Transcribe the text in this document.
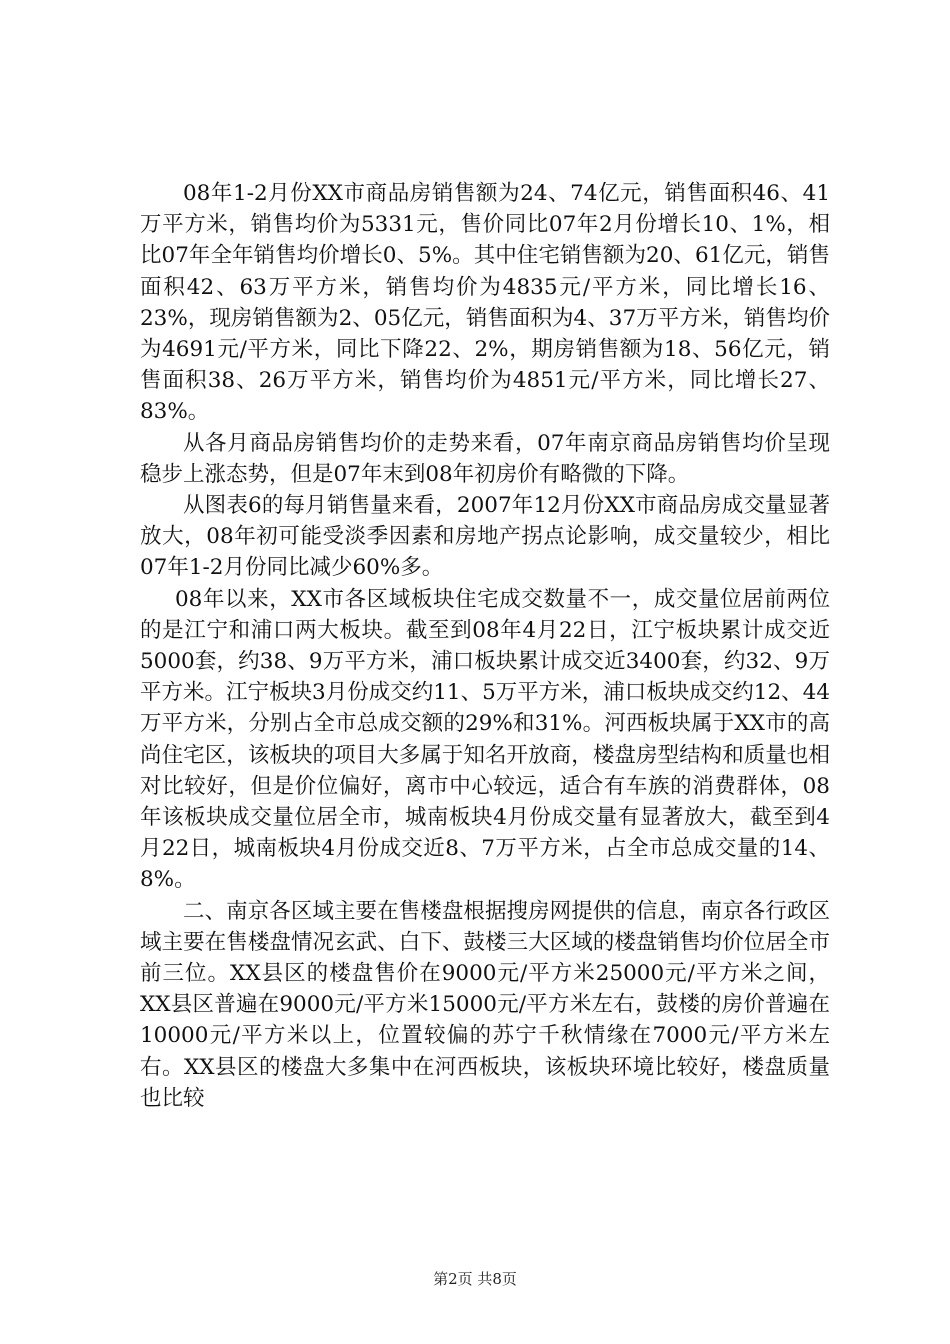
08年1-2月份XX市商品房销售额为24、74亿元，销售面积46、41万平方米，销售均价为5331元，售价同比07年2月份增长10、1%，相比07年全年销售均价增长0、5%。其中住宅销售额为20、61亿元，销售面积42、63万平方米，销售均价为4835元/平方米，同比增长16、23%，现房销售额为2、05亿元，销售面积为4、37万平方米，销售均价为4691元/平方米，同比下降22、2%，期房销售额为18、56亿元，销售面积38、26万平方米，销售均价为4851元/平方米，同比增长27、83%。

从各月商品房销售均价的走势来看，07年南京商品房销售均价呈现稳步上涨态势，但是07年末到08年初房价有略微的下降。

从图表6的每月销售量来看，2007年12月份XX市商品房成交量显著放大，08年初可能受淡季因素和房地产拐点论影响，成交量较少，相比07年1-2月份同比减少60%多。

08年以来，XX市各区域板块住宅成交数量不一，成交量位居前两位的是江宁和浦口两大板块。截至到08年4月22日，江宁板块累计成交近5000套，约38、9万平方米，浦口板块累计成交近3400套，约32、9万平方米。江宁板块3月份成交约11、5万平方米，浦口板块成交约12、44万平方米，分别占全市总成交额的29%和31%。河西板块属于XX市的高尚住宅区，该板块的项目大多属于知名开放商，楼盘房型结构和质量也相对比较好，但是价位偏好，离市中心较远，适合有车族的消费群体，08年该板块成交量位居全市，城南板块4月份成交量有显著放大，截至到4月22日，城南板块4月份成交近8、7万平方米，占全市总成交量的14、8%。

二、南京各区域主要在售楼盘根据搜房网提供的信息，南京各行政区域主要在售楼盘情况玄武、白下、鼓楼三大区域的楼盘销售均价位居全市前三位。XX县区的楼盘售价在9000元/平方米25000元/平方米之间，XX县区普遍在9000元/平方米15000元/平方米左右，鼓楼的房价普遍在10000元/平方米以上，位置较偏的苏宁千秋情缘在7000元/平方米左右。XX县区的楼盘大多集中在河西板块，该板块环境比较好，楼盘质量也比较

第2页 共8页
